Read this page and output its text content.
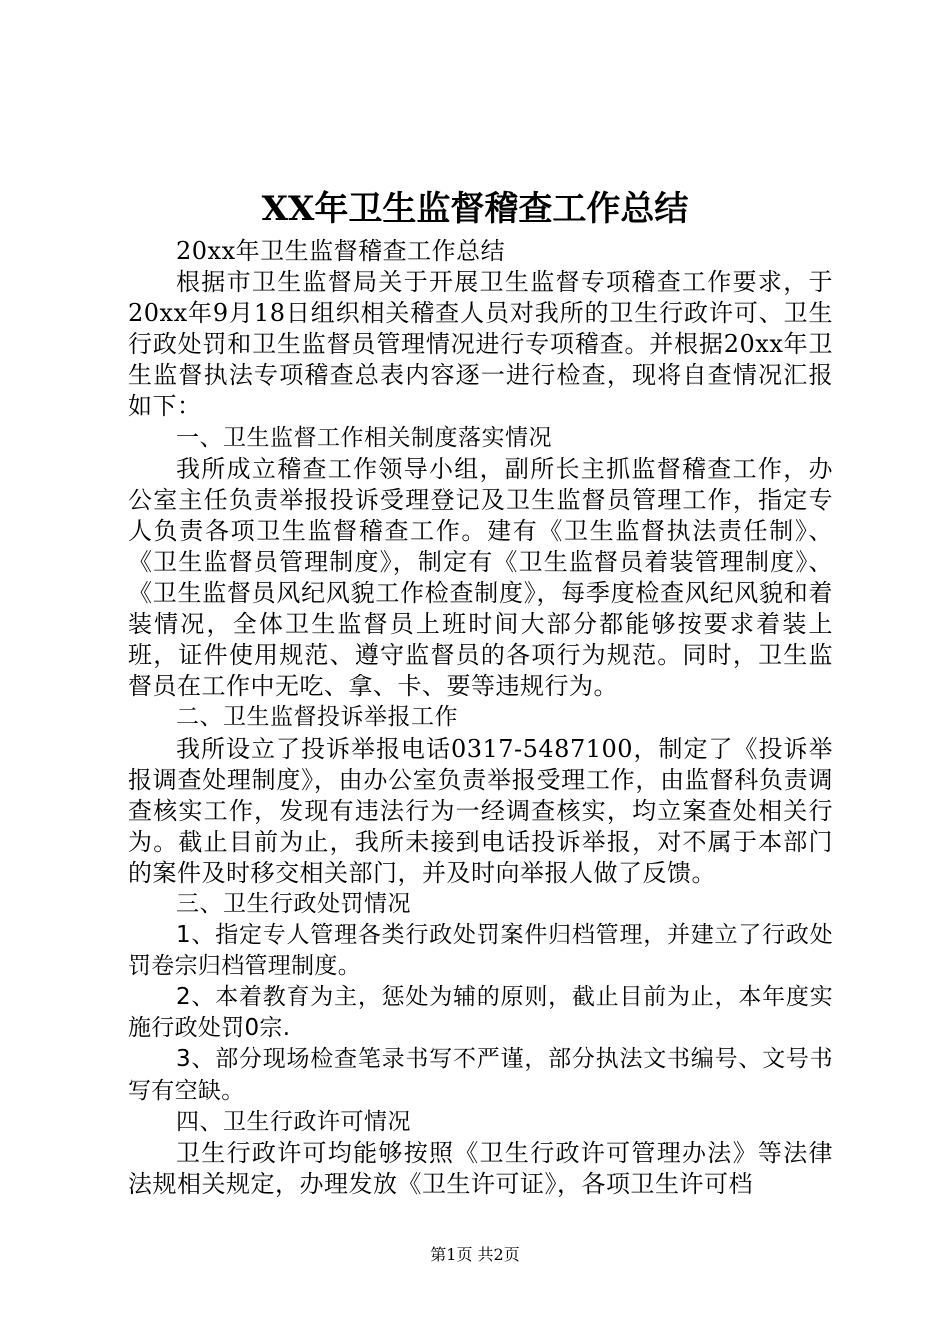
XX年卫生监督稽查工作总结

20xx年卫生监督稽查工作总结

根据市卫生监督局关于开展卫生监督专项稽查工作要求，于20xx年9月18日组织相关稽查人员对我所的卫生行政许可、卫生行政处罚和卫生监督员管理情况进行专项稽查。并根据20xx年卫生监督执法专项稽查总表内容逐一进行检查，现将自查情况汇报如下：

一、卫生监督工作相关制度落实情况

我所成立稽查工作领导小组，副所长主抓监督稽查工作，办公室主任负责举报投诉受理登记及卫生监督员管理工作，指定专人负责各项卫生监督稽查工作。建有《卫生监督执法责任制》、《卫生监督员管理制度》，制定有《卫生监督员着装管理制度》、《卫生监督员风纪风貌工作检查制度》，每季度检查风纪风貌和着装情况，全体卫生监督员上班时间大部分都能够按要求着装上班，证件使用规范、遵守监督员的各项行为规范。同时，卫生监督员在工作中无吃、拿、卡、要等违规行为。

二、卫生监督投诉举报工作

我所设立了投诉举报电话0317-5487100，制定了《投诉举报调查处理制度》，由办公室负责举报受理工作，由监督科负责调查核实工作，发现有违法行为一经调查核实，均立案查处相关行为。截止目前为止，我所未接到电话投诉举报，对不属于本部门的案件及时移交相关部门，并及时向举报人做了反馈。

三、卫生行政处罚情况

1、指定专人管理各类行政处罚案件归档管理，并建立了行政处罚卷宗归档管理制度。

2、本着教育为主，惩处为辅的原则，截止目前为止，本年度实施行政处罚0宗.

3、部分现场检查笔录书写不严谨，部分执法文书编号、文号书写有空缺。

四、卫生行政许可情况

卫生行政许可均能够按照《卫生行政许可管理办法》等法律法规相关规定，办理发放《卫生许可证》，各项卫生许可档

第1页 共2页
